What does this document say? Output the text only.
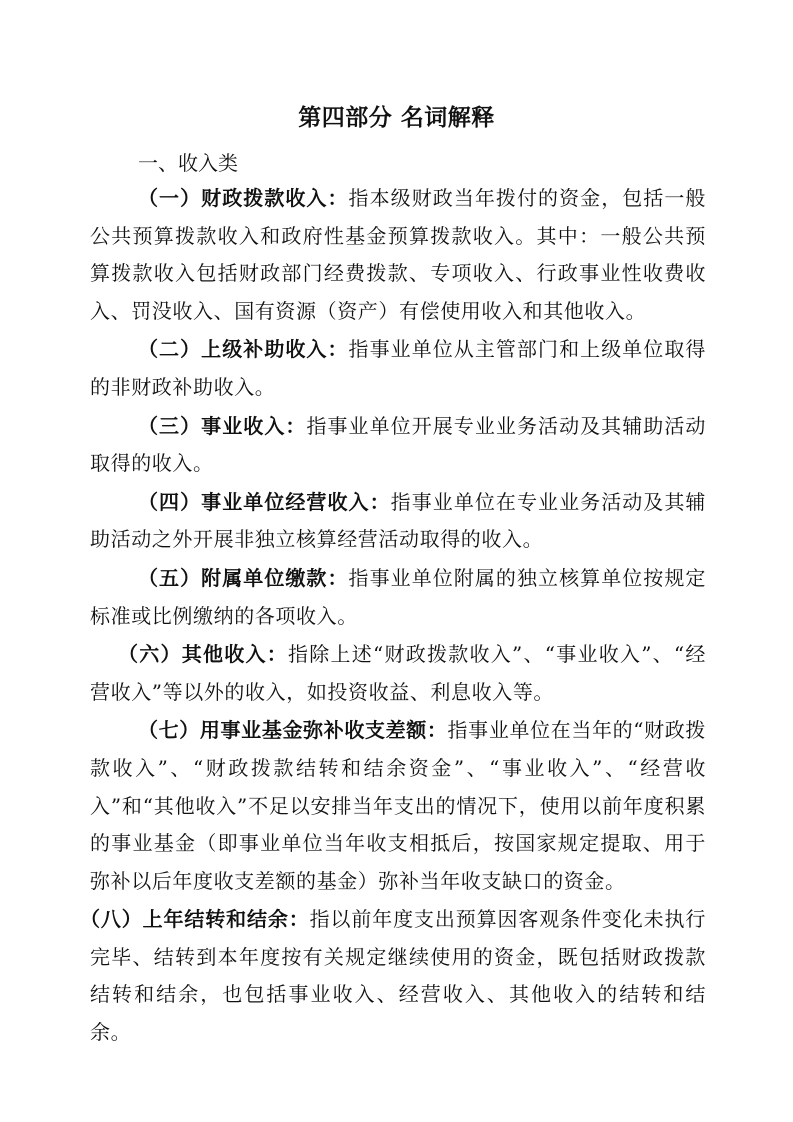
第四部分 名词解释
一、收入类

（一）财政拨款收入：指本级财政当年拨付的资金，包括一般公共预算拨款收入和政府性基金预算拨款收入。其中：一般公共预算拨款收入包括财政部门经费拨款、专项收入、行政事业性收费收入、罚没收入、国有资源（资产）有偿使用收入和其他收入。

（二）上级补助收入：指事业单位从主管部门和上级单位取得的非财政补助收入。

（三）事业收入：指事业单位开展专业业务活动及其辅助活动取得的收入。

（四）事业单位经营收入：指事业单位在专业业务活动及其辅助活动之外开展非独立核算经营活动取得的收入。

（五）附属单位缴款：指事业单位附属的独立核算单位按规定标准或比例缴纳的各项收入。

（六）其他收入：指除上述“财政拨款收入”、“事业收入”、“经营收入”等以外的收入，如投资收益、利息收入等。

（七）用事业基金弥补收支差额：指事业单位在当年的“财政拨款收入”、“财政拨款结转和结余资金”、“事业收入”、“经营收入”和“其他收入”不足以安排当年支出的情况下，使用以前年度积累的事业基金（即事业单位当年收支相抵后，按国家规定提取、用于弥补以后年度收支差额的基金）弥补当年收支缺口的资金。

（八）上年结转和结余：指以前年度支出预算因客观条件变化未执行完毕、结转到本年度按有关规定继续使用的资金，既包括财政拨款结转和结余，也包括事业收入、经营收入、其他收入的结转和结余。
